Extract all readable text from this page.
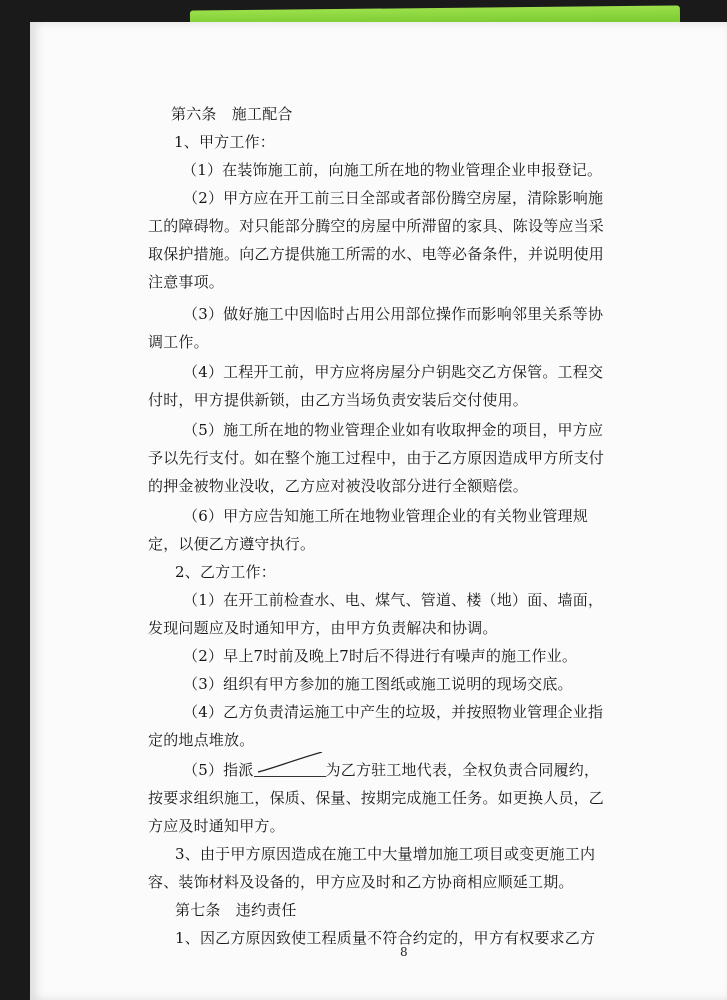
第六条　施工配合
1、甲方工作：
（1）在装饰施工前，向施工所在地的物业管理企业申报登记。
（2）甲方应在开工前三日全部或者部份腾空房屋，清除影响施
工的障碍物。对只能部分腾空的房屋中所滞留的家具、陈设等应当采
取保护措施。向乙方提供施工所需的水、电等必备条件，并说明使用
注意事项。
（3）做好施工中因临时占用公用部位操作而影响邻里关系等协
调工作。
（4）工程开工前，甲方应将房屋分户钥匙交乙方保管。工程交
付时，甲方提供新锁，由乙方当场负责安装后交付使用。
（5）施工所在地的物业管理企业如有收取押金的项目，甲方应
予以先行支付。如在整个施工过程中，由于乙方原因造成甲方所支付
的押金被物业没收，乙方应对被没收部分进行全额赔偿。
（6）甲方应告知施工所在地物业管理企业的有关物业管理规
定，以便乙方遵守执行。
2、乙方工作：
（1）在开工前检查水、电、煤气、管道、楼（地）面、墙面，
发现问题应及时通知甲方，由甲方负责解决和协调。
（2）早上7时前及晚上7时后不得进行有噪声的施工作业。
（3）组织有甲方参加的施工图纸或施工说明的现场交底。
（4）乙方负责清运施工中产生的垃圾，并按照物业管理企业指
定的地点堆放。
（5）指派	为乙方驻工地代表，全权负责合同履约，
按要求组织施工，保质、保量、按期完成施工任务。如更换人员，乙
方应及时通知甲方。
3、由于甲方原因造成在施工中大量增加施工项目或变更施工内
容、装饰材料及设备的，甲方应及时和乙方协商相应顺延工期。
第七条　违约责任
1、因乙方原因致使工程质量不符合约定的，甲方有权要求乙方
8
